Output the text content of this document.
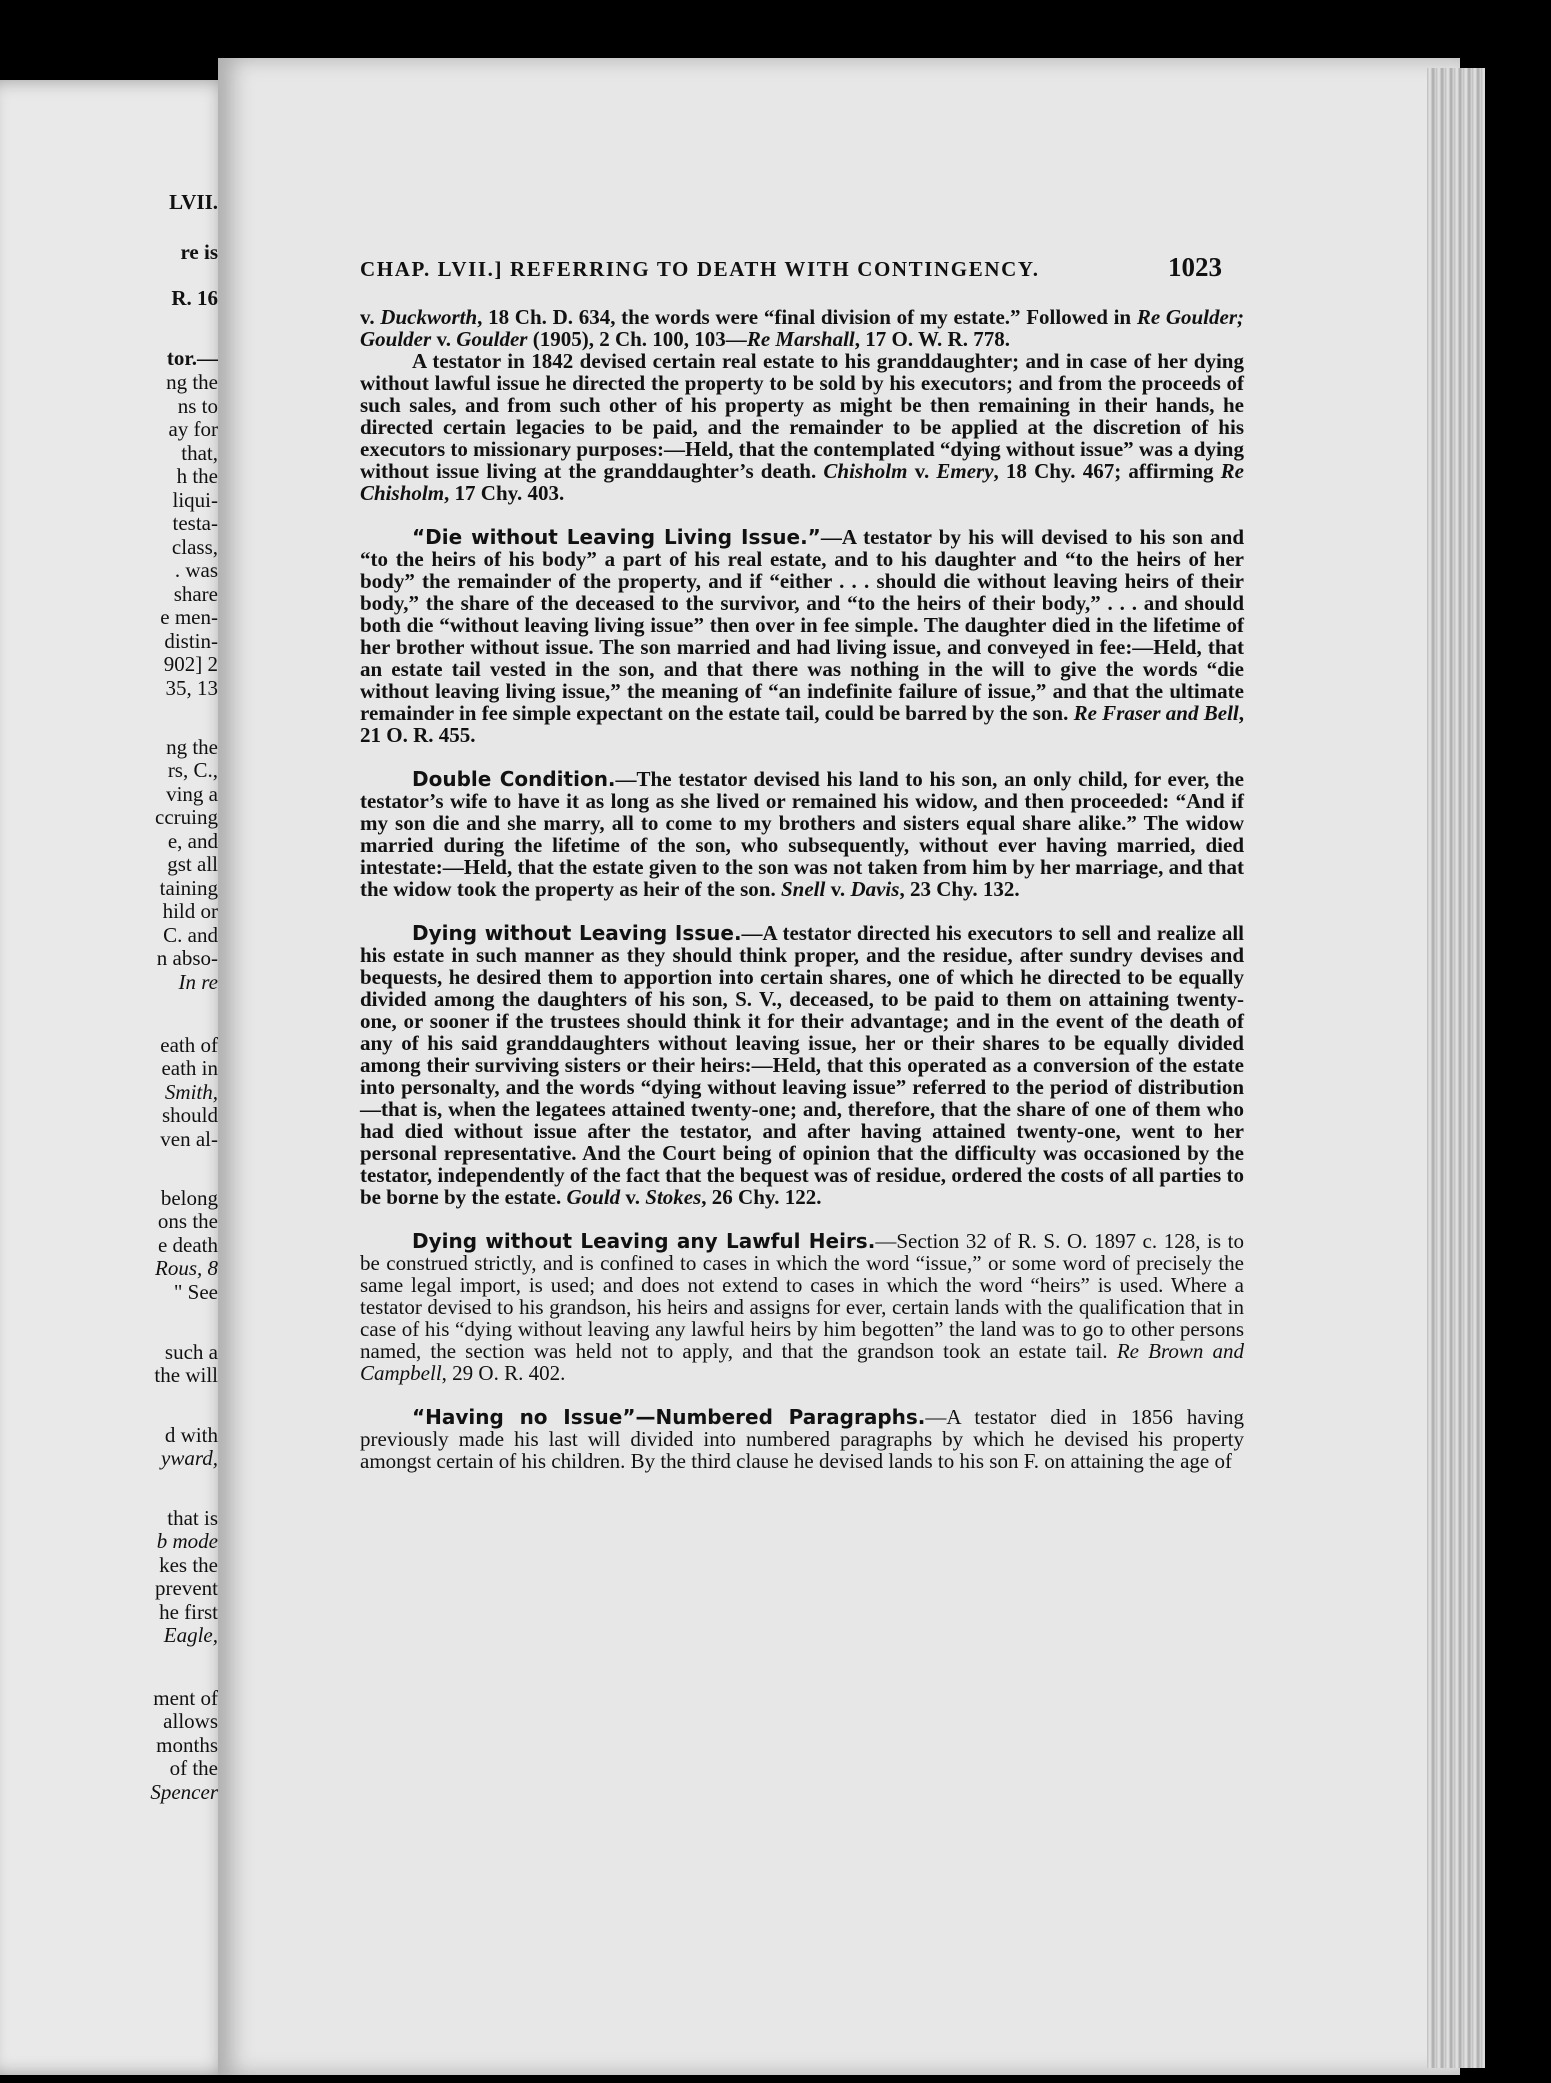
LVII.
re is
R. 16
tor.—
ng the
ns to
ay for
that,
h the
liqui-
testa-
class,
. was
share
e men-
distin-
902] 2
35, 13
ng the
rs, C.,
ving a
ccruing
e, and
gst all
taining
hild or
C. and
n abso-
In re
eath of
eath in
Smith,
should
ven al-
belong
ons the
e death
Rous, 8
" See
such a
the will
d with
yward,
that is
b mode
kes the
prevent
he first
Eagle,
ment of
allows
months
of the
Spencer
CHAP. LVII.] REFERRING TO DEATH WITH CONTINGENCY.	1023

v. Duckworth, 18 Ch. D. 634, the words were “final division of my estate.” Followed in Re Goulder; Goulder v. Goulder (1905), 2 Ch. 100, 103—Re Marshall, 17 O. W. R. 778.

A testator in 1842 devised certain real estate to his granddaughter; and in case of her dying without lawful issue he directed the property to be sold by his executors; and from the proceeds of such sales, and from such other of his property as might be then remaining in their hands, he directed certain legacies to be paid, and the remainder to be applied at the discretion of his executors to missionary purposes:—Held, that the contemplated “dying without issue” was a dying without issue living at the granddaughter’s death. Chisholm v. Emery, 18 Chy. 467; affirming Re Chisholm, 17 Chy. 403.

“Die without Leaving Living Issue.”—A testator by his will devised to his son and “to the heirs of his body” a part of his real estate, and to his daughter and “to the heirs of her body” the remainder of the property, and if “either . . . should die without leaving heirs of their body,” the share of the deceased to the survivor, and “to the heirs of their body,” . . . and should both die “without leaving living issue” then over in fee simple. The daughter died in the lifetime of her brother without issue. The son married and had living issue, and conveyed in fee:—Held, that an estate tail vested in the son, and that there was nothing in the will to give the words “die without leaving living issue,” the meaning of “an indefinite failure of issue,” and that the ultimate remainder in fee simple expectant on the estate tail, could be barred by the son. Re Fraser and Bell, 21 O. R. 455.

Double Condition.—The testator devised his land to his son, an only child, for ever, the testator’s wife to have it as long as she lived or remained his widow, and then proceeded: “And if my son die and she marry, all to come to my brothers and sisters equal share alike.” The widow married during the lifetime of the son, who subsequently, without ever having married, died intestate:—Held, that the estate given to the son was not taken from him by her marriage, and that the widow took the property as heir of the son. Snell v. Davis, 23 Chy. 132.

Dying without Leaving Issue.—A testator directed his executors to sell and realize all his estate in such manner as they should think proper, and the residue, after sundry devises and bequests, he desired them to apportion into certain shares, one of which he directed to be equally divided among the daughters of his son, S. V., deceased, to be paid to them on attaining twenty-one, or sooner if the trustees should think it for their advantage; and in the event of the death of any of his said granddaughters without leaving issue, her or their shares to be equally divided among their surviving sisters or their heirs:—Held, that this operated as a conversion of the estate into personalty, and the words “dying without leaving issue” referred to the period of distribution—that is, when the legatees attained twenty-one; and, therefore, that the share of one of them who had died without issue after the testator, and after having attained twenty-one, went to her personal representative. And the Court being of opinion that the difficulty was occasioned by the testator, independently of the fact that the bequest was of residue, ordered the costs of all parties to be borne by the estate. Gould v. Stokes, 26 Chy. 122.

Dying without Leaving any Lawful Heirs.—Section 32 of R. S. O. 1897 c. 128, is to be construed strictly, and is confined to cases in which the word “issue,” or some word of precisely the same legal import, is used; and does not extend to cases in which the word “heirs” is used. Where a testator devised to his grandson, his heirs and assigns for ever, certain lands with the qualification that in case of his “dying without leaving any lawful heirs by him begotten” the land was to go to other persons named, the section was held not to apply, and that the grandson took an estate tail. Re Brown and Campbell, 29 O. R. 402.

“Having no Issue”—Numbered Paragraphs.—A testator died in 1856 having previously made his last will divided into numbered paragraphs by which he devised his property amongst certain of his children. By the third clause he devised lands to his son F. on attaining the age of
